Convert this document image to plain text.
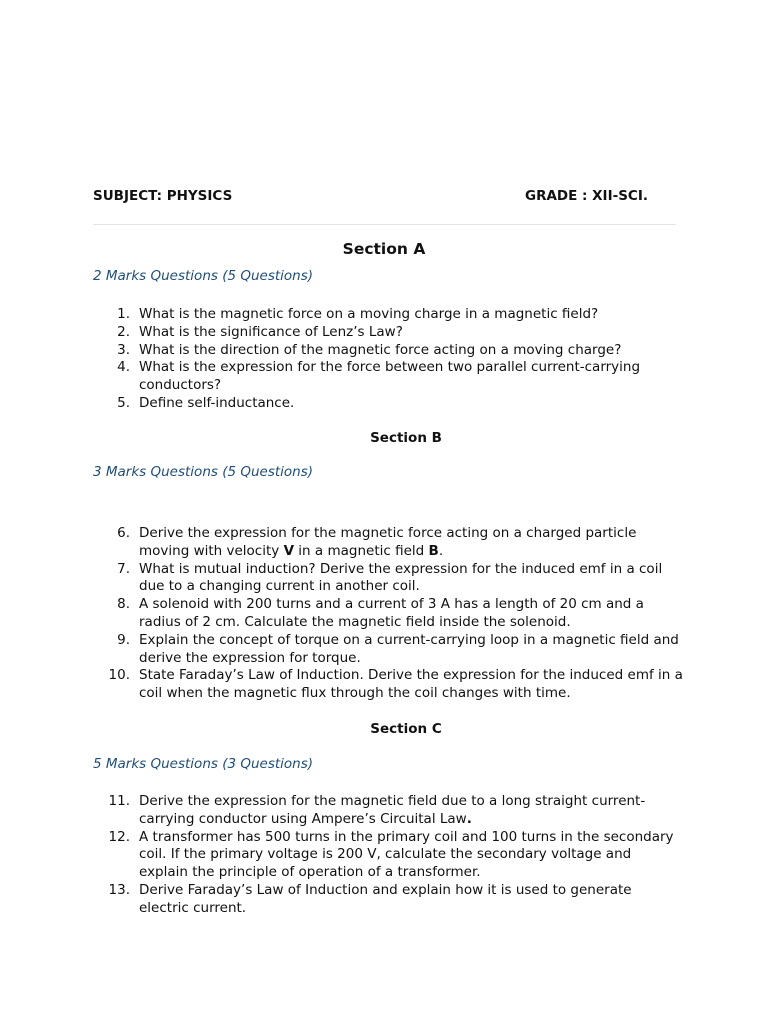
SUBJECT: PHYSICS	GRADE : XII-SCI.
Section A
2 Marks Questions (5 Questions)
1. What is the magnetic force on a moving charge in a magnetic field?
2. What is the significance of Lenz’s Law?
3. What is the direction of the magnetic force acting on a moving charge?
4. What is the expression for the force between two parallel current-carrying conductors?
5. Define self-inductance.
Section B
3 Marks Questions (5 Questions)
6. Derive the expression for the magnetic force acting on a charged particle moving with velocity V in a magnetic field B.
7. What is mutual induction? Derive the expression for the induced emf in a coil due to a changing current in another coil.
8. A solenoid with 200 turns and a current of 3 A has a length of 20 cm and a radius of 2 cm. Calculate the magnetic field inside the solenoid.
9. Explain the concept of torque on a current-carrying loop in a magnetic field and derive the expression for torque.
10. State Faraday’s Law of Induction. Derive the expression for the induced emf in a coil when the magnetic flux through the coil changes with time.
Section C
5 Marks Questions (3 Questions)
11. Derive the expression for the magnetic field due to a long straight current-carrying conductor using Ampere’s Circuital Law.
12. A transformer has 500 turns in the primary coil and 100 turns in the secondary coil. If the primary voltage is 200 V, calculate the secondary voltage and explain the principle of operation of a transformer.
13. Derive Faraday’s Law of Induction and explain how it is used to generate electric current.
